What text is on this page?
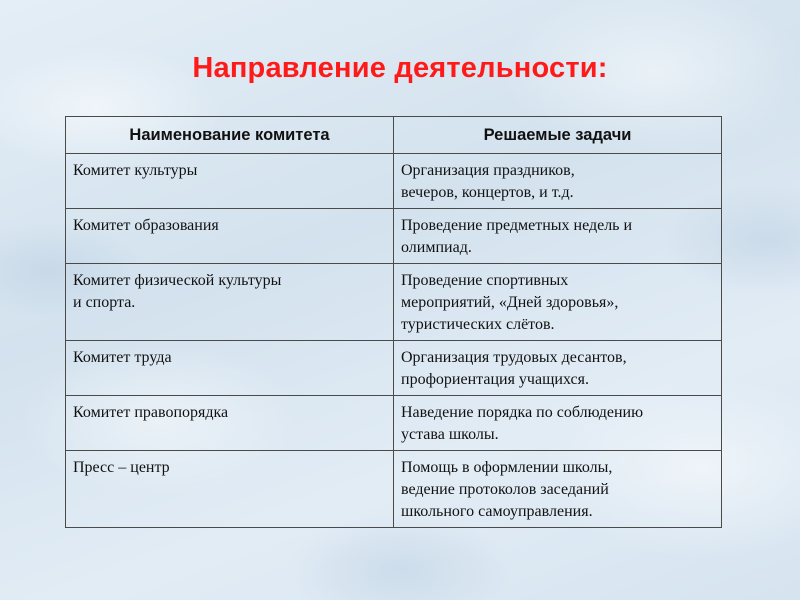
Направление деятельности:
Наименование комитета	Решаемые задачи

Комитет культуры	Организация праздников,
вечеров, концертов, и т.д.

Комитет образования	Проведение предметных недель и
олимпиад.

Комитет физической культуры
и спорта.	Проведение спортивных
мероприятий, «Дней здоровья»,
туристических слётов.

Комитет труда	Организация трудовых десантов,
профориентация учащихся.

Комитет правопорядка	Наведение порядка по соблюдению
устава школы.

Пресс – центр	Помощь в оформлении школы,
ведение протоколов заседаний
школьного самоуправления.
